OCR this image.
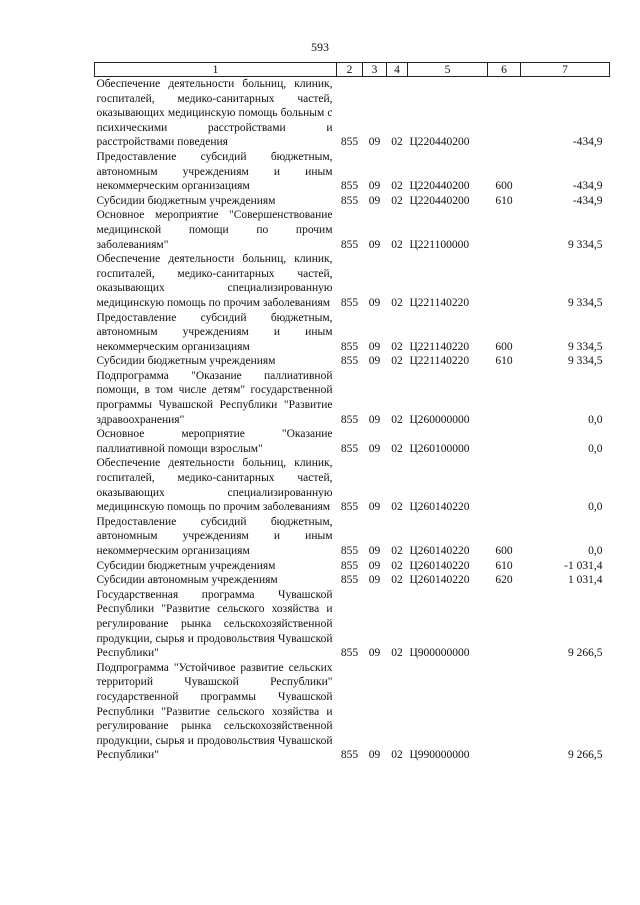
593
1	2	3	4	5	6	7
Обеспечение деятельности больниц, клиник, госпиталей, медико-санитарных частей, оказывающих медицинскую помощь больным с психическими расстройствами и расстройствами поведения	855	09	02	Ц220440200		-434,9
Предоставление субсидий бюджетным, автономным учреждениям и иным некоммерческим организациям	855	09	02	Ц220440200	600	-434,9
Субсидии бюджетным учреждениям	855	09	02	Ц220440200	610	-434,9
Основное мероприятие "Совершенствование медицинской помощи по прочим заболеваниям"	855	09	02	Ц221100000		9 334,5
Обеспечение деятельности больниц, клиник, госпиталей, медико-санитарных частей, оказывающих специализированную медицинскую помощь по прочим заболеваниям	855	09	02	Ц221140220		9 334,5
Предоставление субсидий бюджетным, автономным учреждениям и иным некоммерческим организациям	855	09	02	Ц221140220	600	9 334,5
Субсидии бюджетным учреждениям	855	09	02	Ц221140220	610	9 334,5
Подпрограмма "Оказание паллиативной помощи, в том числе детям" государственной программы Чувашской Республики "Развитие здравоохранения"	855	09	02	Ц260000000		0,0
Основное мероприятие "Оказание паллиативной помощи взрослым"	855	09	02	Ц260100000		0,0
Обеспечение деятельности больниц, клиник, госпиталей, медико-санитарных частей, оказывающих специализированную медицинскую помощь по прочим заболеваниям	855	09	02	Ц260140220		0,0
Предоставление субсидий бюджетным, автономным учреждениям и иным некоммерческим организациям	855	09	02	Ц260140220	600	0,0
Субсидии бюджетным учреждениям	855	09	02	Ц260140220	610	-1 031,4
Субсидии автономным учреждениям	855	09	02	Ц260140220	620	1 031,4
Государственная программа Чувашской Республики "Развитие сельского хозяйства и регулирование рынка сельскохозяйственной продукции, сырья и продовольствия Чувашской Республики"	855	09	02	Ц900000000		9 266,5
Подпрограмма "Устойчивое развитие сельских территорий Чувашской Республики" государственной программы Чувашской Республики "Развитие сельского хозяйства и регулирование рынка сельскохозяйственной продукции, сырья и продовольствия Чувашской Республики"	855	09	02	Ц990000000		9 266,5
